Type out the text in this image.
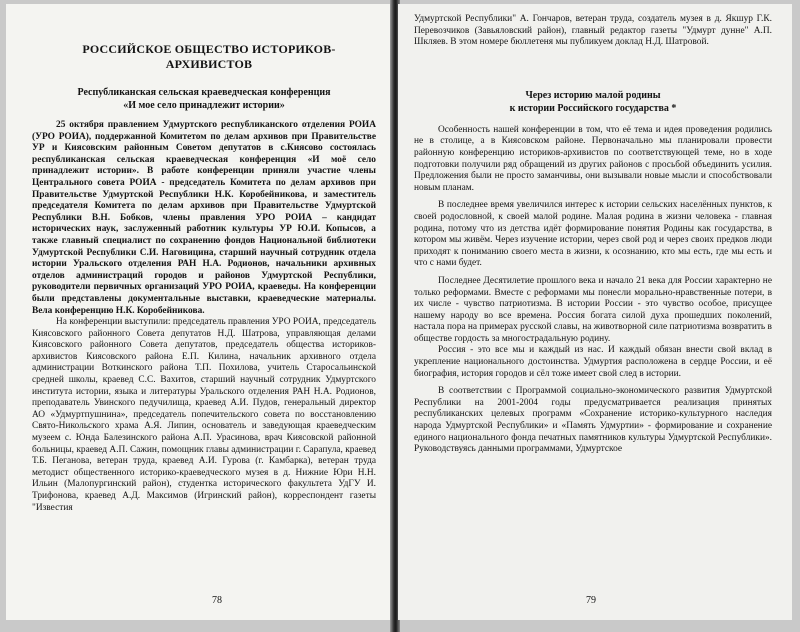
РОССИЙСКОЕ ОБЩЕСТВО ИСТОРИКОВ-АРХИВИСТОВ
Республиканская сельская краеведческая конференция
«И мое село принадлежит истории»

25 октября правлением Удмуртского республиканского отделения РОИА (УРО РОИА), поддержанной Комитетом по делам архивов при Правительстве УР и Киясовским районным Советом депутатов в с.Киясово состоялась республиканская сельская краеведческая конференция «И моё село принадлежит истории». В работе конференции приняли участие члены Центрального совета РОИА - председатель Комитета по делам архивов при Правительстве Удмуртской Республики Н.К. Коробейникова, и заместитель председателя Комитета по делам архивов при Правительстве Удмуртской Республики В.Н. Бобков, члены правления УРО РОИА – кандидат исторических наук, заслуженный работник культуры УР Ю.И. Копысов, а также главный специалист по сохранению фондов Национальной библиотеки Удмуртской Республики С.И. Наговицина, старший научный сотрудник отдела истории Уральского отделения РАН Н.А. Родионов, начальники архивных отделов администраций городов и районов Удмуртской Республики, руководители первичных организаций УРО РОИА, краеведы. На конференции были представлены документальные выставки, краеведческие материалы. Вела конференцию Н.К. Коробейникова.

На конференции выступили: председатель правления УРО РОИА, председатель Киясовского районного Совета депутатов Н.Д. Шатрова, управляющая делами Киясовского районного Совета депутатов, председатель общества историков-архивистов Киясовского района Е.П. Килина, начальник архивного отдела администрации Воткинского района Т.П. Похилова, учитель Старосальинской средней школы, краевед С.С. Вахитов, старший научный сотрудник Удмуртского института истории, языка и литературы Уральского отделения РАН Н.А. Родионов, преподаватель Увинского педучилища, краевед А.И. Пудов, генеральный директор АО «Удмуртпушнина», председатель попечительского совета по восстановлению Свято-Никольского храма А.Я. Липин, основатель и заведующая краеведческим музеем с. Юнда Балезинского района А.П. Урасинова, врач Киясовской районной больницы, краевед А.П. Сажин, помощник главы администрации г. Сарапула, краевед Т.Б. Пеганова, ветеран труда, краевед А.И. Гурова (г. Камбарка), ветеран труда методист общественного историко-краеведческого музея в д. Нижние Юри Н.Н. Ильин (Малопургинский район), студентка исторического факультета УдГУ И. Трифонова, краевед А.Д. Максимов (Игринский район), корреспондент газеты "Известия

78

Удмуртской Республики" А. Гончаров, ветеран труда, создатель музея в д. Якшур Г.К. Перевозчиков (Завьяловский район), главный редактор газеты "Удмурт дунне" А.П. Шкляев. В этом номере бюллетеня мы публикуем доклад Н.Д. Шатровой.

Через историю малой родины
к истории Российского государства *

Особенность нашей конференции в том, что её тема и идея проведения родились не в столице, а в Киясовском районе. Первоначально мы планировали провести районную конференцию историков-архивистов по соответствующей теме, но в ходе подготовки получили ряд обращений из других районов с просьбой объединить усилия. Предложения были не просто заманчивы, они вызывали новые мысли и способствовали новым планам.

В последнее время увеличился интерес к истории сельских населённых пунктов, к своей родословной, к своей малой родине. Малая родина в жизни человека - главная родина, потому что из детства идёт формирование понятия Родины как государства, в котором мы живём. Через изучение истории, через свой род и через своих предков люди приходят к пониманию своего места в жизни, к осознанию, кто мы есть, где мы есть и что с нами будет.

Последнее Десятилетие прошлого века и начало 21 века для России характерно не только реформами. Вместе с реформами мы понесли морально-нравственные потери, в их числе - чувство патриотизма. В истории России - это чувство особое, присущее нашему народу во все времена. Россия богата силой духа прошедших поколений, настала пора на примерах русской славы, на животворной силе патриотизма возвратить в обществе гордость за многострадальную родину.

Россия - это все мы и каждый из нас. И каждый обязан внести свой вклад в укрепление национального достоинства. Удмуртия расположена в сердце России, и её биография, история городов и сёл тоже имеет свой след в истории.

В соответствии с Программой социально-экономического развития Удмуртской Республики на 2001-2004 годы предусматривается реализация принятых республиканских целевых программ «Сохранение историко-культурного наследия народа Удмуртской Республики» и «Память Удмуртии» - формирование и сохранение единого национального фонда печатных памятников культуры Удмуртской Республики». Руководствуясь данными программами, Удмуртское

79
